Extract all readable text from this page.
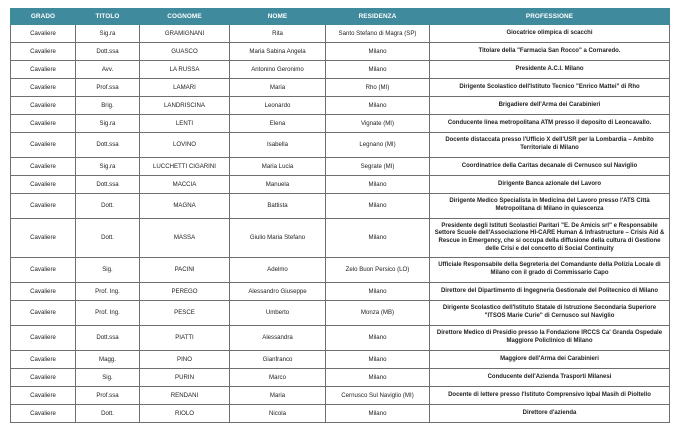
GRADO	TITOLO	COGNOME	NOME	RESIDENZA	PROFESSIONE
Cavaliere	Sig.ra	GRAMIGNANI	Rita	Santo Stefano di Magra (SP)	Giocatrice olimpica di scacchi
Cavaliere	Dott.ssa	GUASCO	Maria Sabina Angela	Milano	Titolare della "Farmacia San Rocco" a Cornaredo.
Cavaliere	Avv.	LA RUSSA	Antonino Geronimo	Milano	Presidente A.C.I. Milano
Cavaliere	Prof.ssa	LAMARI	Maria	Rho (MI)	Dirigente Scolastico dell'Istituto Tecnico "Enrico Mattei" di Rho
Cavaliere	Brig.	LANDRISCINA	Leonardo	Milano	Brigadiere dell'Arma dei Carabinieri
Cavaliere	Sig.ra	LENTI	Elena	Vignate (MI)	Conducente linea metropolitana ATM presso il deposito di Leoncavallo.
Cavaliere	Dott.ssa	LOVINO	Isabella	Legnano (MI)	Docente distaccata presso l'Ufficio X dell'USR per la Lombardia – Ambito Territoriale di Milano
Cavaliere	Sig.ra	LUCCHETTI CIGARINI	Maria Lucia	Segrate (MI)	Coordinatrice della Caritas decanale di Cernusco sul Naviglio
Cavaliere	Dott.ssa	MACCIA	Manuela	Milano	Dirigente Banca azionale del Lavoro
Cavaliere	Dott.	MAGNA	Battista	Milano	Dirigente Medico Specialista in Medicina del Lavoro presso l'ATS Città Metropolitana di Milano in quiescenza
Cavaliere	Dott.	MASSA	Giulio Maria Stefano	Milano	Presidente degli Istituti Scolastici Paritari "E. De Amicis srl" e Responsabile Settore Scuole dell'Associazione HI-CARE Human & Infrastructure – Crisis Aid & Rescue in Emergency, che si occupa della diffusione della cultura di Gestione delle Crisi e del concetto di Social Continuity
Cavaliere	Sig.	PACINI	Adelmo	Zelo Buon Persico (LO)	Ufficiale Responsabile della Segreteria del Comandante della Polizia Locale di Milano con il grado di Commissario Capo
Cavaliere	Prof. Ing.	PEREGO	Alessandro Giuseppe	Milano	Direttore del Dipartimento di Ingegneria Gestionale del Politecnico di Milano
Cavaliere	Prof. Ing.	PESCE	Umberto	Monza (MB)	Dirigente Scolastico dell'Istituto Statale di Istruzione Secondaria Superiore "ITSOS Marie Curie" di Cernusco sul Naviglio
Cavaliere	Dott.ssa	PIATTI	Alessandra	Milano	Direttore Medico di Presidio presso la Fondazione IRCCS Ca' Granda Ospedale Maggiore Policlinico di Milano
Cavaliere	Magg.	PINO	Gianfranco	Milano	Maggiore dell'Arma dei Carabinieri
Cavaliere	Sig.	PURIN	Marco	Milano	Conducente dell'Azienda Trasporti Milanesi
Cavaliere	Prof.ssa	RENDANI	Maria	Cernusco Sul Naviglio (MI)	Docente di lettere presso l'Istituto Comprensivo Iqbal Masih di Pioltello
Cavaliere	Dott.	RIOLO	Nicola	Milano	Direttore d'azienda
